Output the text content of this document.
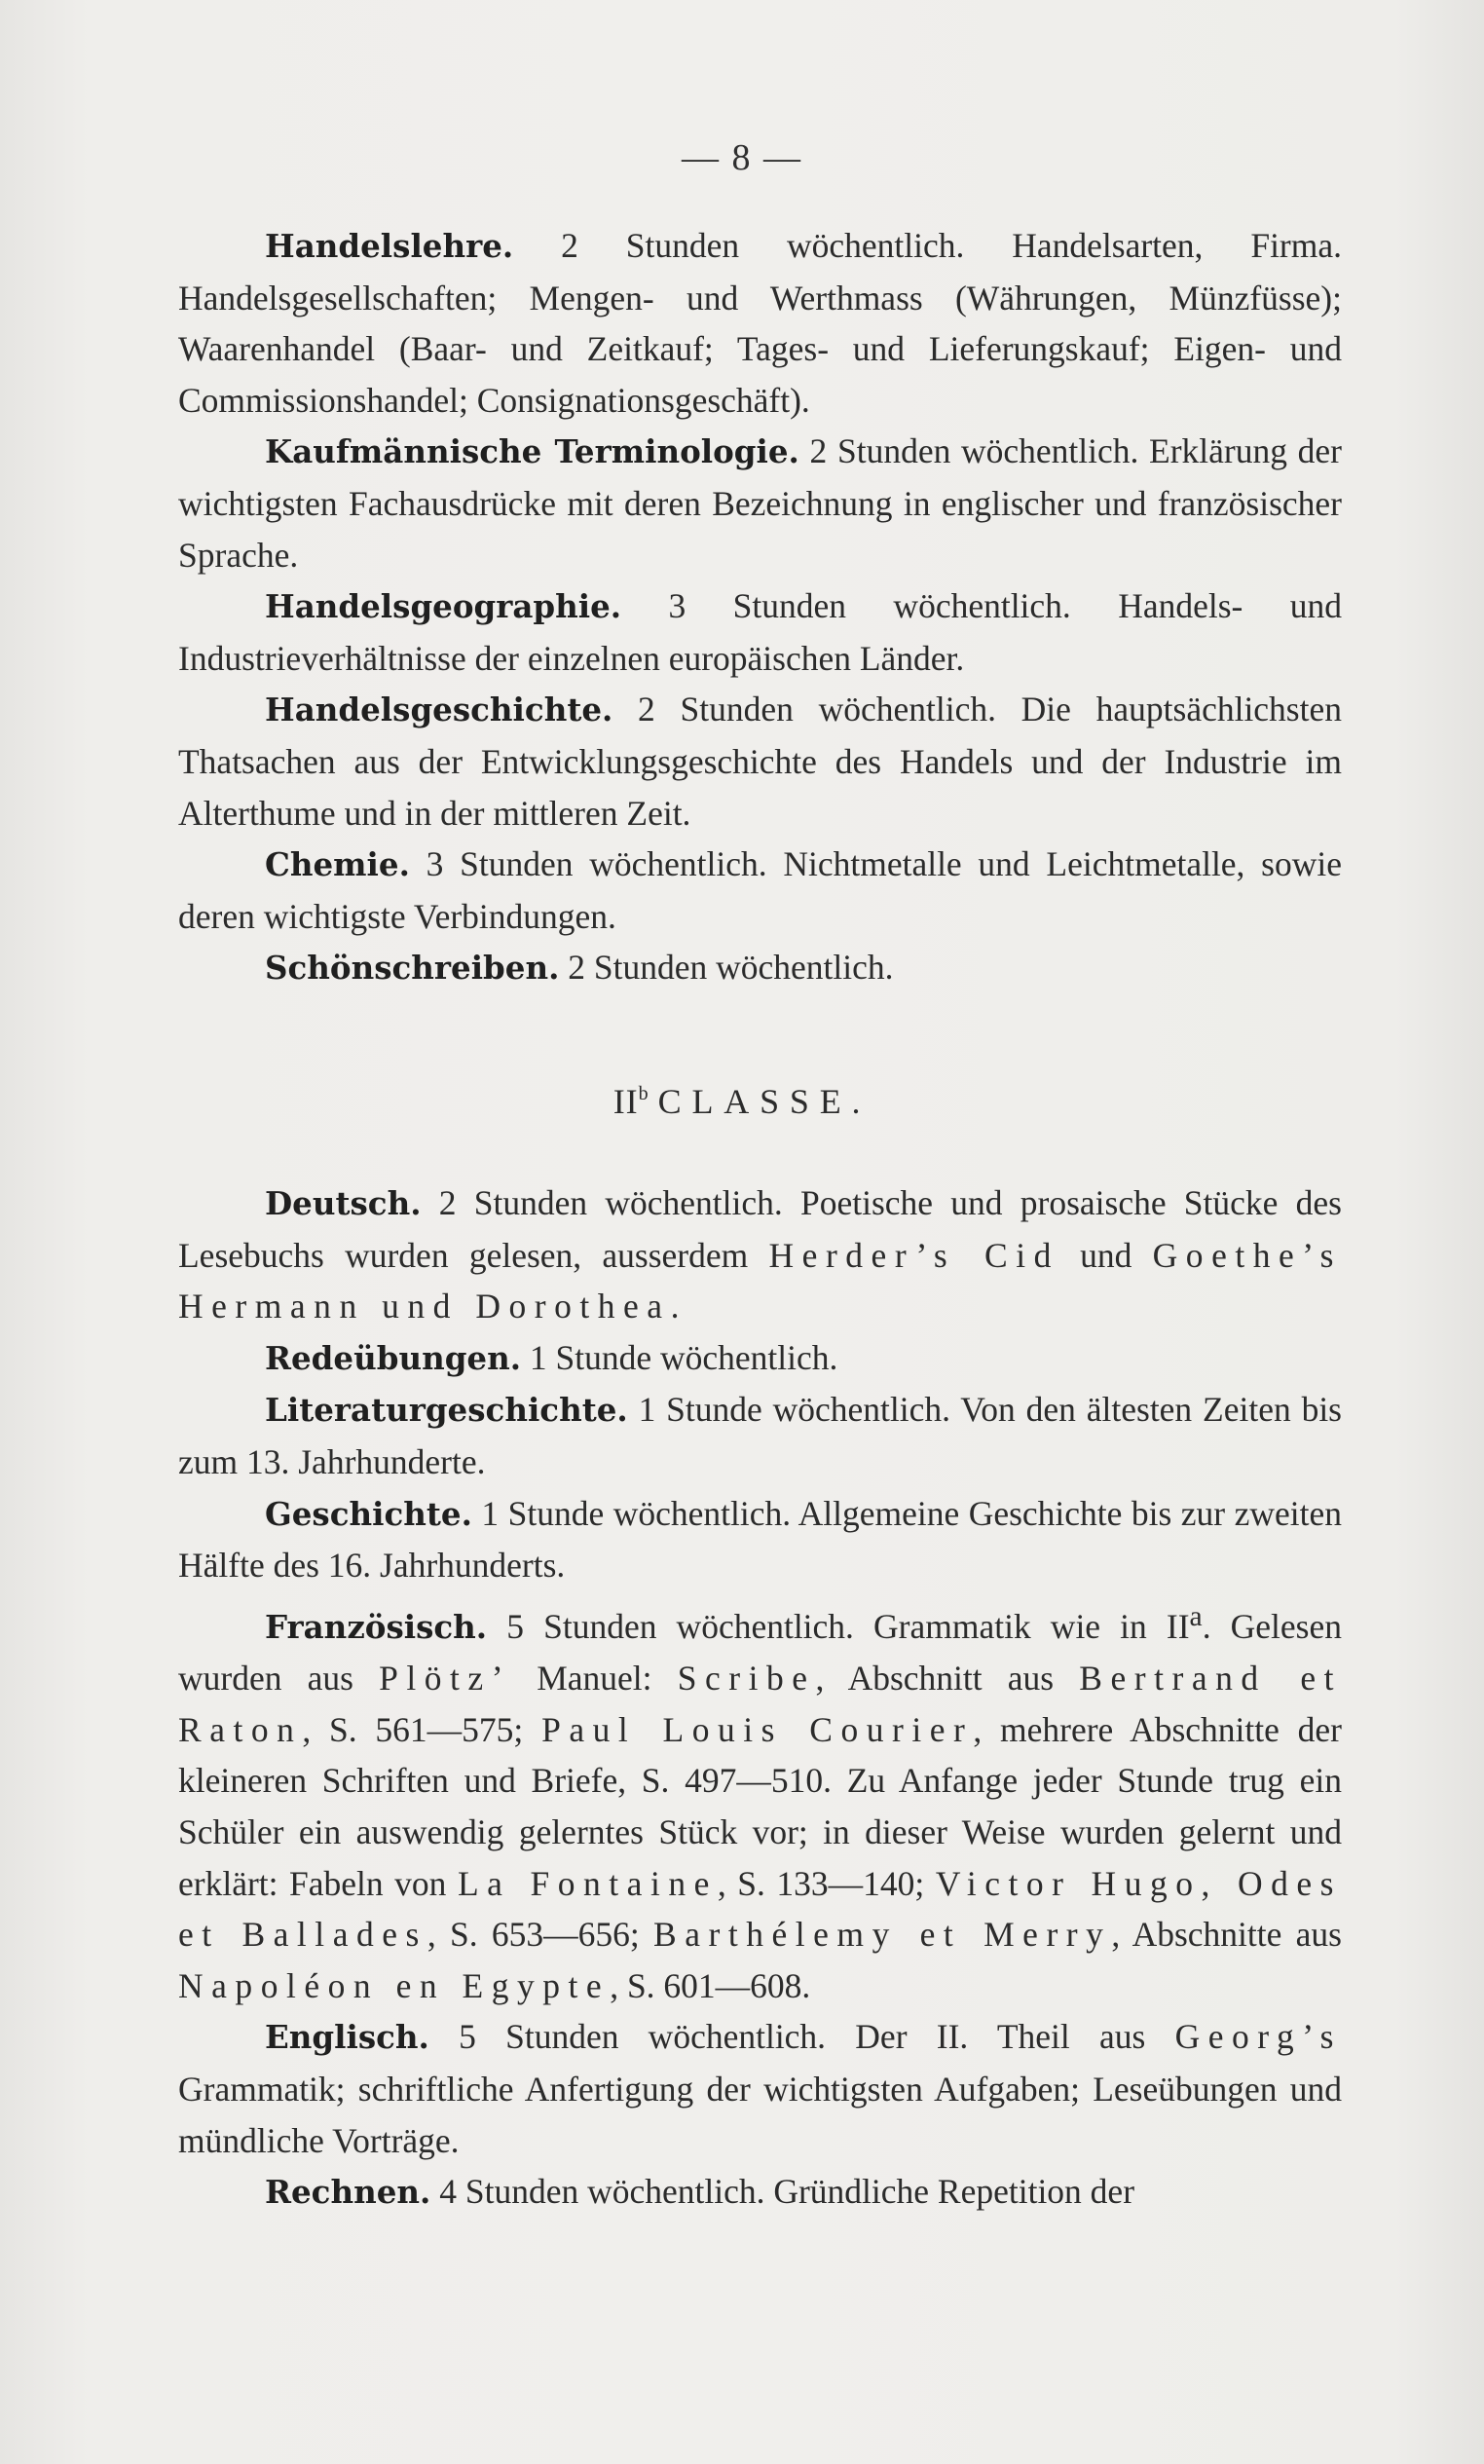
— 8 —

Handelslehre. 2 Stunden wöchentlich. Handelsarten, Firma. Handelsgesellschaften; Mengen- und Werthmass (Währungen, Münzfüsse); Waarenhandel (Baar- und Zeitkauf; Tages- und Lieferungskauf; Eigen- und Commissionshandel; Consignationsgeschäft).

Kaufmännische Terminologie. 2 Stunden wöchentlich. Erklärung der wichtigsten Fachausdrücke mit deren Bezeichnung in englischer und französischer Sprache.

Handelsgeographie. 3 Stunden wöchentlich. Handels- und Industrieverhältnisse der einzelnen europäischen Länder.

Handelsgeschichte. 2 Stunden wöchentlich. Die hauptsächlichsten Thatsachen aus der Entwicklungsgeschichte des Handels und der Industrie im Alterthume und in der mittleren Zeit.

Chemie. 3 Stunden wöchentlich. Nichtmetalle und Leichtmetalle, sowie deren wichtigste Verbindungen.

Schönschreiben. 2 Stunden wöchentlich.

$II^b$ CLASSE.

Deutsch. 2 Stunden wöchentlich. Poetische und prosaische Stücke des Lesebuchs wurden gelesen, ausserdem Herder’s Cid und Goethe’s Hermann und Dorothea.

Redeübungen. 1 Stunde wöchentlich.

Literaturgeschichte. 1 Stunde wöchentlich. Von den ältesten Zeiten bis zum 13. Jahrhunderte.

Geschichte. 1 Stunde wöchentlich. Allgemeine Geschichte bis zur zweiten Hälfte des 16. Jahrhunderts.

Französisch. 5 Stunden wöchentlich. Grammatik wie in $II^a$. Gelesen wurden aus Plötz’ Manuel: Scribe, Abschnitt aus Bertrand et Raton, S. 561—575; Paul Louis Courier, mehrere Abschnitte der kleineren Schriften und Briefe, S. 497—510. Zu Anfange jeder Stunde trug ein Schüler ein auswendig gelerntes Stück vor; in dieser Weise wurden gelernt und erklärt: Fabeln von La Fontaine, S. 133—140; Victor Hugo, Odes et Ballades, S. 653—656; Barthélemy et Merry, Abschnitte aus Napoléon en Egypte, S. 601—608.

Englisch. 5 Stunden wöchentlich. Der II. Theil aus Georg’s Grammatik; schriftliche Anfertigung der wichtigsten Aufgaben; Leseübungen und mündliche Vorträge.

Rechnen. 4 Stunden wöchentlich. Gründliche Repetition der
